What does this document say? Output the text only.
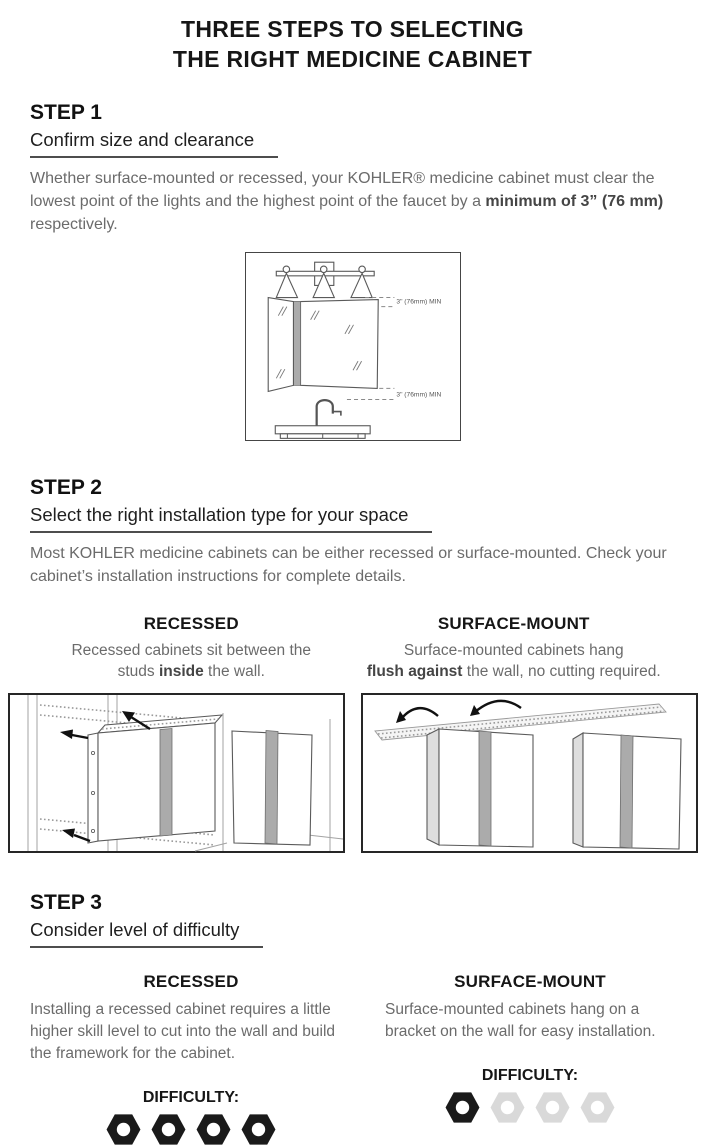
THREE STEPS TO SELECTING
THE RIGHT MEDICINE CABINET
STEP 1
Confirm size and clearance
Whether surface-mounted or recessed, your KOHLER® medicine cabinet must clear the lowest point of the lights and the highest point of the faucet by a minimum of 3” (76 mm) respectively.
3" (76mm) MIN
3" (76mm) MIN
STEP 2
Select the right installation type for your space
Most KOHLER medicine cabinets can be either recessed or surface-mounted. Check your cabinet’s installation instructions for complete details.
RECESSED
Recessed cabinets sit between the
studs inside the wall.
SURFACE-MOUNT
Surface-mounted cabinets hang
flush against the wall, no cutting required.
STEP 3
Consider level of difficulty
RECESSED
Installing a recessed cabinet requires a little higher skill level to cut into the wall and build the framework for the cabinet.
DIFFICULTY:
SURFACE-MOUNT
Surface-mounted cabinets hang on a bracket on the wall for easy installation.
DIFFICULTY:
